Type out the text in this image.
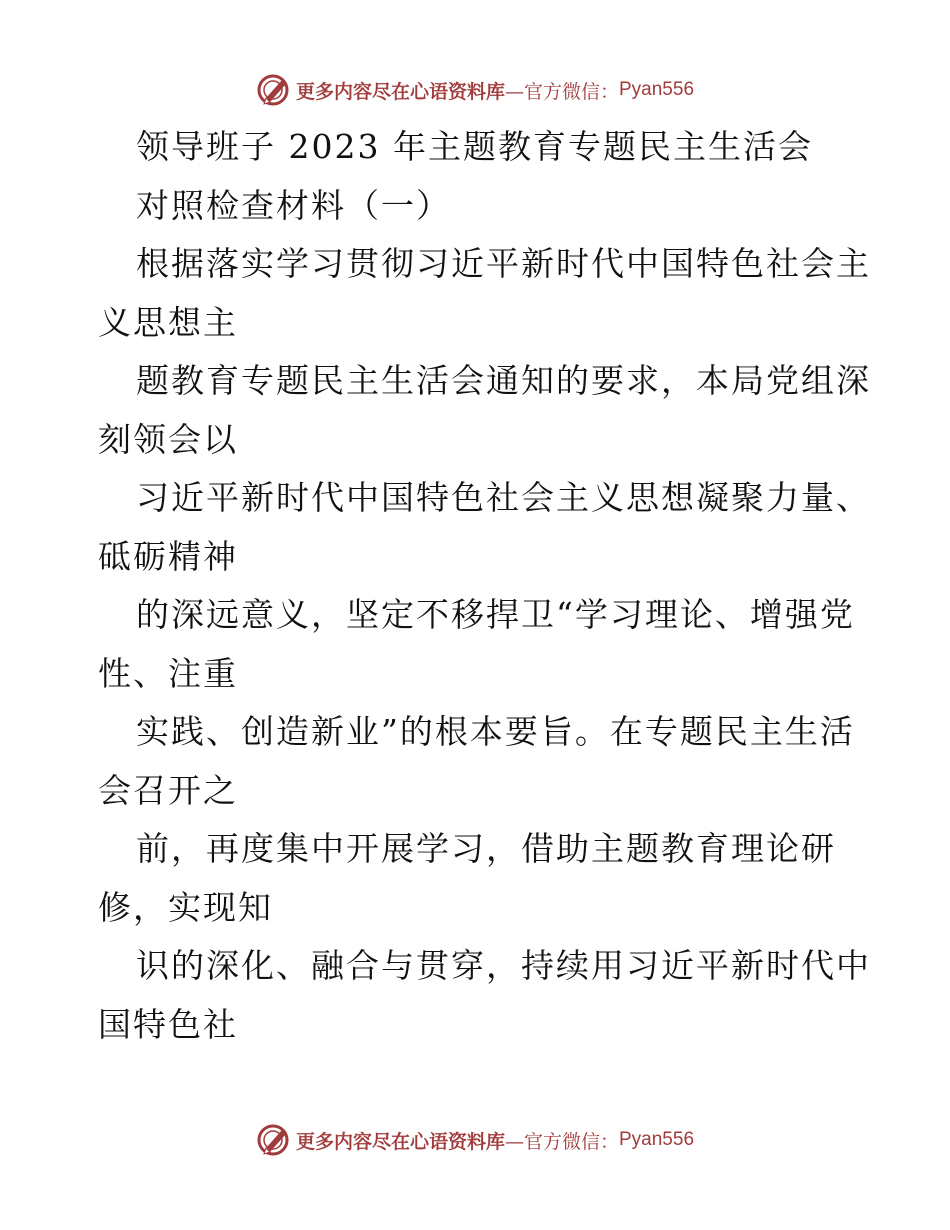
更多内容尽在心语资料库 —官方微信： Pyan556
领导班子 2023 年主题教育专题民主生活会
对照检查材料（一）
根据落实学习贯彻习近平新时代中国特色社会主
义思想主
题教育专题民主生活会通知的要求，本局党组深
刻领会以
习近平新时代中国特色社会主义思想凝聚力量、
砥砺精神
的深远意义，坚定不移捍卫“学习理论、增强党
性、注重
实践、创造新业”的根本要旨。在专题民主生活
会召开之
前，再度集中开展学习，借助主题教育理论研
修，实现知
识的深化、融合与贯穿，持续用习近平新时代中
国特色社
更多内容尽在心语资料库 —官方微信： Pyan556
